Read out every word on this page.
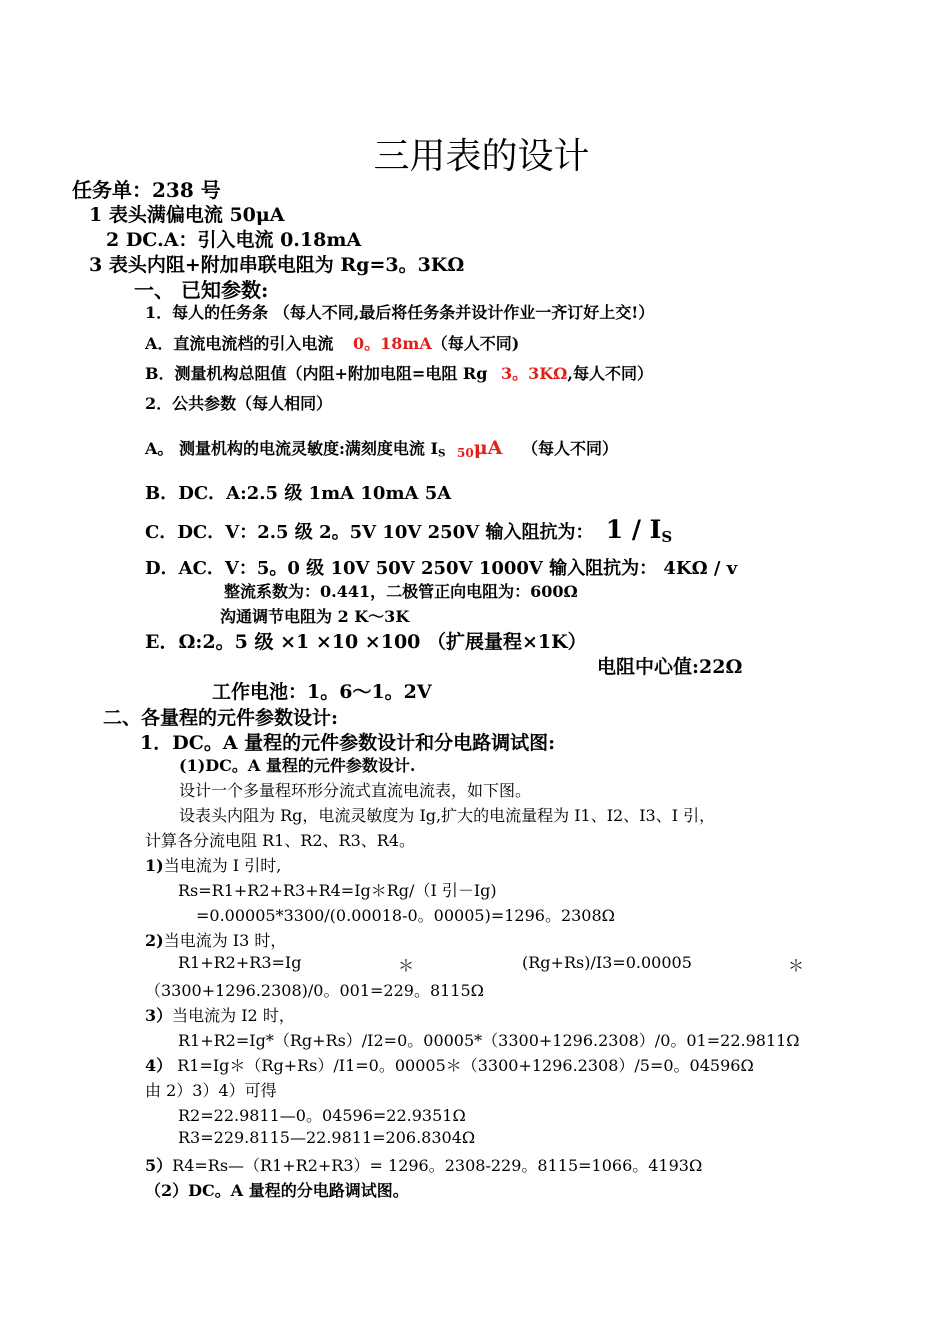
三用表的设计
任务单：238 号
1 表头满偏电流 50μA
2 DC.A：引入电流 0.18mA
3 表头内阻+附加串联电阻为 Rg=3。3KΩ
一、 已知参数:
1．每人的任务条 （每人不同,最后将任务条并设计作业一齐订好上交!）
A．直流电流档的引入电流 0。18mA（每人不同)
B．测量机构总阻值（内阻+附加电阻=电阻 Rg 3。3KΩ,每人不同）
2．公共参数（每人相同）
A。 测量机构的电流灵敏度:满刻度电流 $I_S$ $_{50}$μA （每人不同）
B．DC．A:2.5 级 1mA 10mA 5A
C．DC．V：2.5 级 2。5V 10V 250V 输入阻抗为： $1 / I_S$
D．AC．V：5。0 级 10V 50V 250V 1000V 输入阻抗为： 4KΩ / v
整流系数为：0.441，二极管正向电阻为：600Ω
沟通调节电阻为 2 K～3K
E．Ω:2。5 级 ×1 ×10 ×100 （扩展量程×1K）
电阻中心值:22Ω
工作电池：1。6～1。2V
二、各量程的元件参数设计:
1．DC。A 量程的元件参数设计和分电路调试图:
(1)DC。A 量程的元件参数设计.
设计一个多量程环形分流式直流电流表，如下图。
设表头内阻为 Rg，电流灵敏度为 Ig,扩大的电流量程为 I1、I2、I3、I 引，
计算各分流电阻 R1、R2、R3、R4。
1)当电流为 I 引时,
Rs=R1+R2+R3+R4=Ig＊Rg/（I 引－Ig)
=0.00005*3300/(0.00018-0。00005)=1296。2308Ω
2)当电流为 I3 时，
R1+R2+R3=Ig	＊	(Rg+Rs)/I3=0.00005	＊
（3300+1296.2308)/0。001=229。8115Ω
3）当电流为 I2 时，
R1+R2=Ig*（Rg+Rs）/I2=0。00005*（3300+1296.2308）/0。01=22.9811Ω
4） R1=Ig＊（Rg+Rs）/I1=0。00005＊（3300+1296.2308）/5=0。04596Ω
由 2）3）4）可得
R2=22.9811—0。04596=22.9351Ω
R3=229.8115—22.9811=206.8304Ω
5）R4=Rs—（R1+R2+R3）= 1296。2308-229。8115=1066。4193Ω
（2）DC。A 量程的分电路调试图。
